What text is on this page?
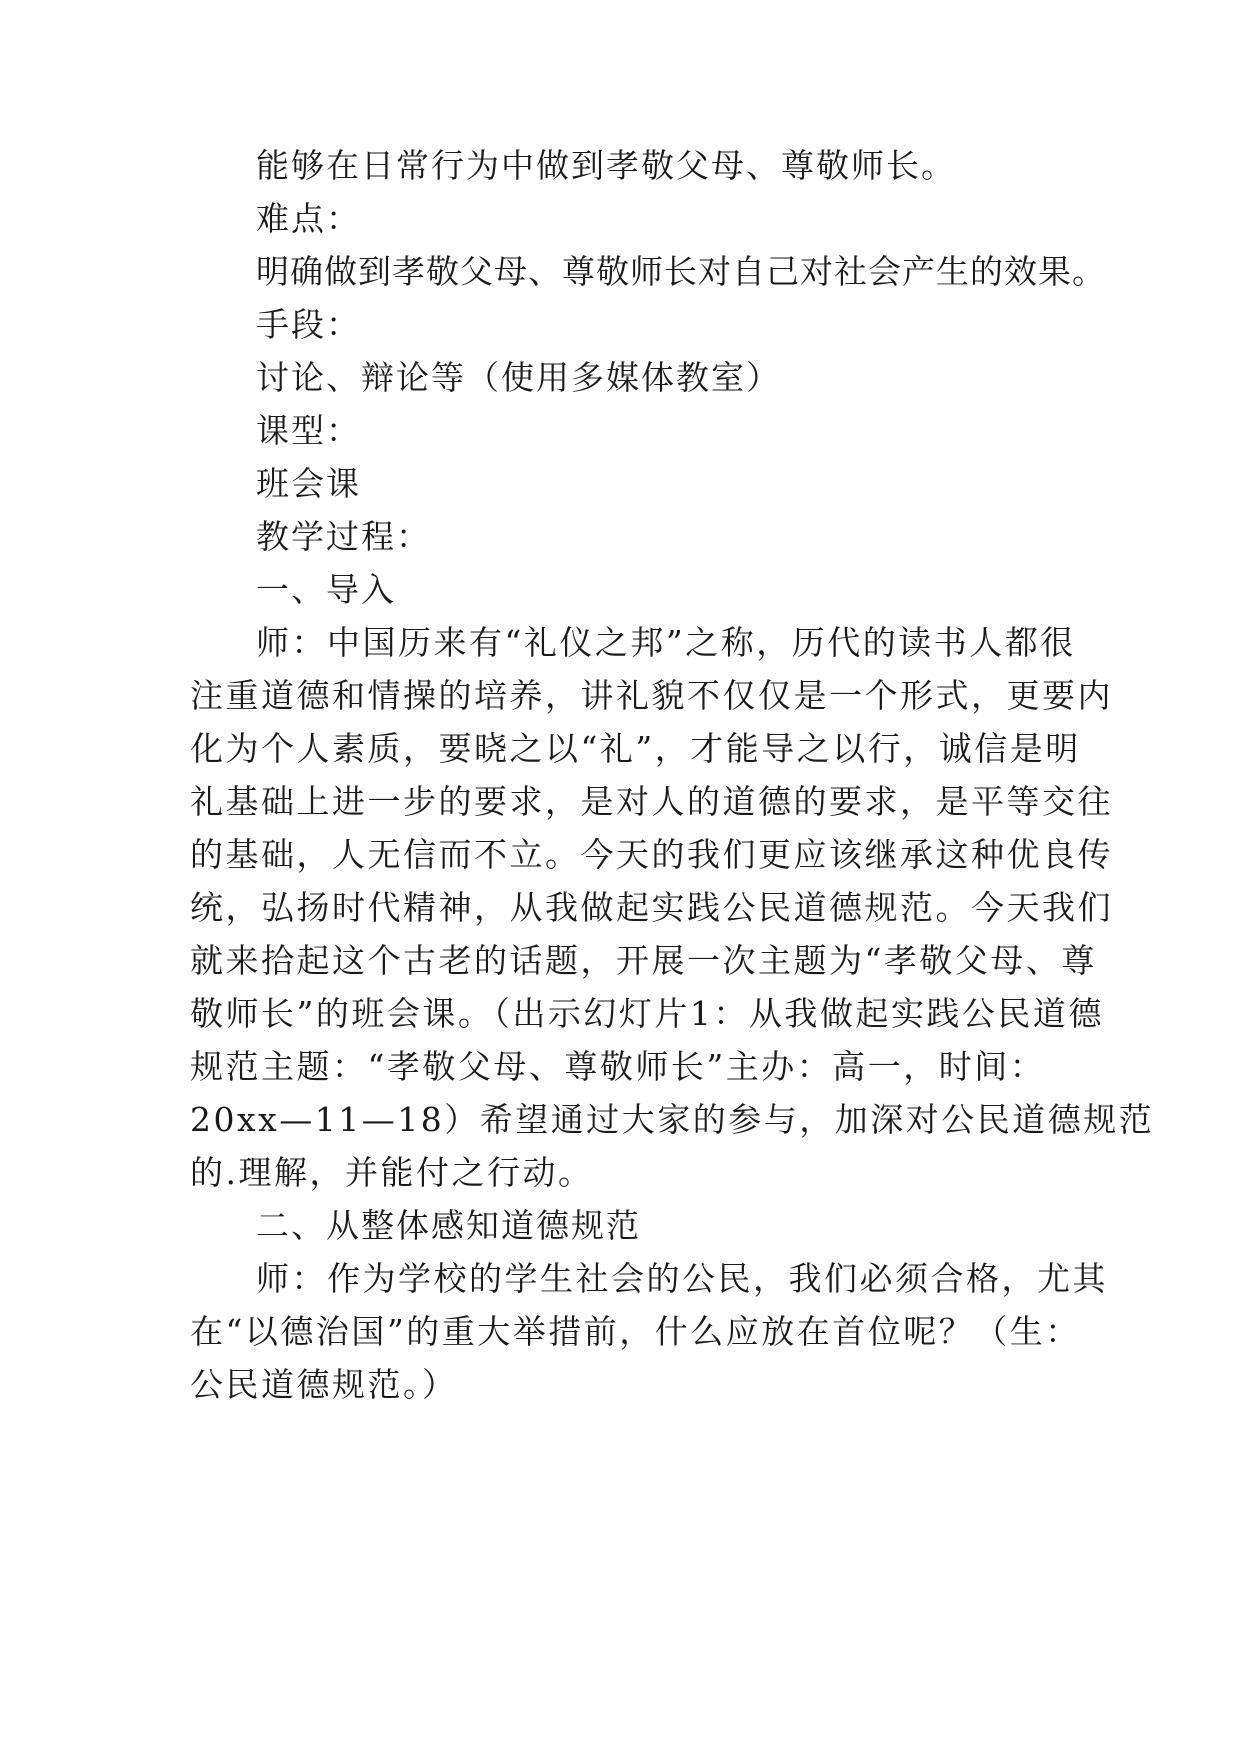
能够在日常行为中做到孝敬父母、尊敬师长。
难点：
明确做到孝敬父母、尊敬师长对自己对社会产生的效果。
手段：
讨论、辩论等（使用多媒体教室）
课型：
班会课
教学过程：
一、导入
师：中国历来有“礼仪之邦”之称，历代的读书人都很
注重道德和情操的培养，讲礼貌不仅仅是一个形式，更要内
化为个人素质，要晓之以“礼”，才能导之以行，诚信是明
礼基础上进一步的要求，是对人的道德的要求，是平等交往
的基础，人无信而不立。今天的我们更应该继承这种优良传
统，弘扬时代精神，从我做起实践公民道德规范。今天我们
就来拾起这个古老的话题，开展一次主题为“孝敬父母、尊
敬师长”的班会课。（出示幻灯片1：从我做起实践公民道德
规范主题：“孝敬父母、尊敬师长”主办：高一，时间：
20xx—11—18）希望通过大家的参与，加深对公民道德规范
的.理解，并能付之行动。
二、从整体感知道德规范
师：作为学校的学生社会的公民，我们必须合格，尤其
在“以德治国”的重大举措前，什么应放在首位呢？（生：
公民道德规范。）
